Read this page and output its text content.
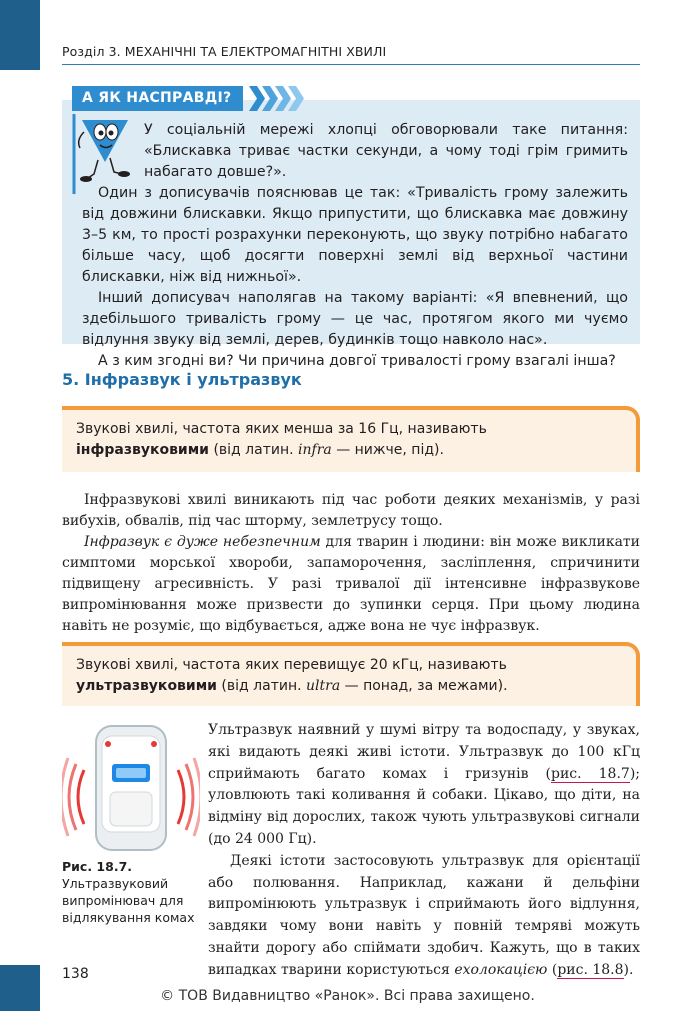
Розділ 3. МЕХАНІЧНІ ТА ЕЛЕКТРОМАГНІТНІ ХВИЛІ
А ЯК НАСПРАВДІ?

У соціальній мережі хлопці обговорювали таке питання: «Блискавка триває частки секунди, а чому тоді грім гримить набагато довше?».

Один з дописувачів пояснював це так: «Тривалість грому залежить від довжини блискавки. Якщо припустити, що блискавка має довжину 3–5 км, то прості розрахунки переконують, що звуку потрібно набагато більше часу, щоб досягти поверхні землі від верхньої частини блискавки, ніж від нижньої».

Інший дописувач наполягав на такому варіанті: «Я впевнений, що здебільшого тривалість грому — це час, протягом якого ми чуємо відлуння звуку від землі, дерев, будинків тощо навколо нас».

А з ким згодні ви? Чи причина довгої тривалості грому взагалі інша?

5. Інфразвук і ультразвук

Звукові хвилі, частота яких менша за 16 Гц, називають інфразвуковими (від латин. infra — нижче, під).

Інфразвукові хвилі виникають під час роботи деяких механізмів, у разі вибухів, обвалів, під час шторму, землетрусу тощо.

Інфразвук є дуже небезпечним для тварин і людини: він може викликати симптоми морської хвороби, запаморочення, засліплення, спричинити підвищену агресивність. У разі тривалої дії інтенсивне інфразвукове випромінювання може призвести до зупинки серця. При цьому людина навіть не розуміє, що відбувається, адже вона не чує інфразвук.

Звукові хвилі, частота яких перевищує 20 кГц, називають ультразвуковими (від латин. ultra — понад, за межами).

Рис. 18.7.
Ультразвуковий випромінювач для відлякування комах

Ультразвук наявний у шумі вітру та водоспаду, у звуках, які видають деякі живі істоти. Ультразвук до 100 кГц сприймають багато комах і гризунів (рис. 18.7); уловлюють такі коливання й собаки. Цікаво, що діти, на відміну від дорослих, також чують ультразвукові сигнали (до 24 000 Гц).

Деякі істоти застосовують ультразвук для орієнтації або полювання. Наприклад, кажани й дельфіни випромінюють ультразвук і сприймають його відлуння, завдяки чому вони навіть у повній темряві можуть знайти дорогу або спіймати здобич. Кажуть, що в таких випадках тварини користуються ехолокацією (рис. 18.8).

138
© ТОВ Видавництво «Ранок». Всі права захищено.
